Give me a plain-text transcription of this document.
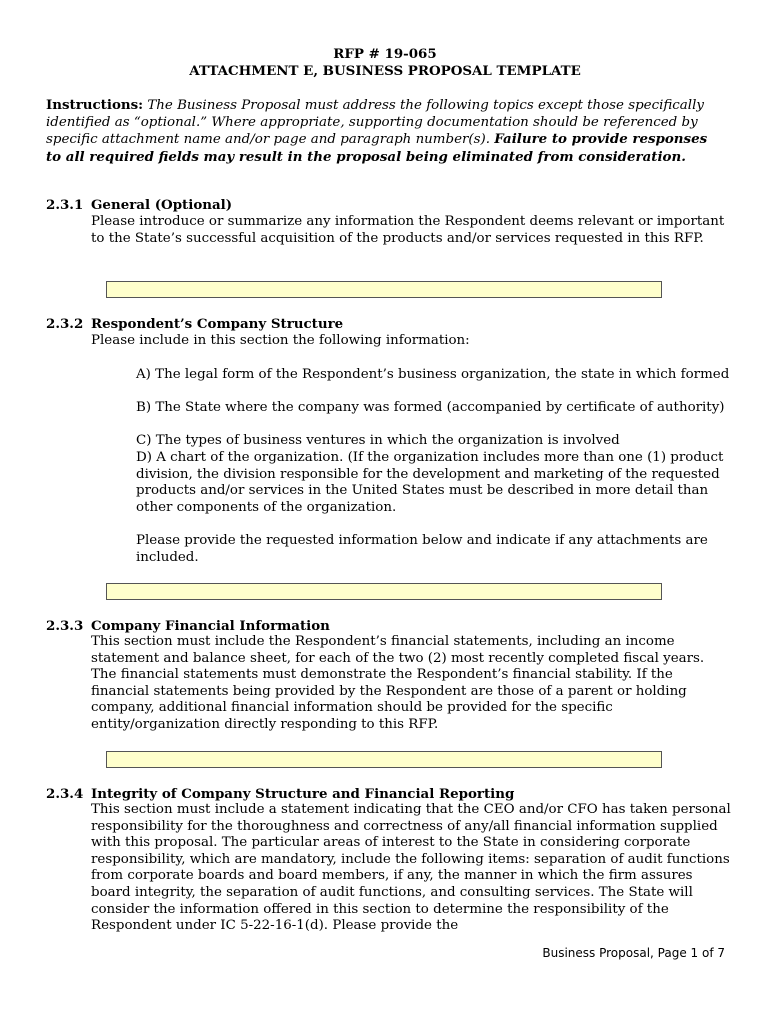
RFP # 19-065
ATTACHMENT E, BUSINESS PROPOSAL TEMPLATE
Instructions: The Business Proposal must address the following topics except those specifically identified as “optional.” Where appropriate, supporting documentation should be referenced by specific attachment name and/or page and paragraph number(s). Failure to provide responses to all required fields may result in the proposal being eliminated from consideration.
2.3.1 General (Optional)
Please introduce or summarize any information the Respondent deems relevant or important to the State’s successful acquisition of the products and/or services requested in this RFP.
2.3.2 Respondent’s Company Structure
Please include in this section the following information:

A) The legal form of the Respondent’s business organization, the state in which formed

B) The State where the company was formed (accompanied by certificate of authority)

C) The types of business ventures in which the organization is involved

D) A chart of the organization. (If the organization includes more than one (1) product division, the division responsible for the development and marketing of the requested products and/or services in the United States must be described in more detail than other components of the organization.

Please provide the requested information below and indicate if any attachments are included.

2.3.3 Company Financial Information
This section must include the Respondent’s financial statements, including an income statement and balance sheet, for each of the two (2) most recently completed fiscal years. The financial statements must demonstrate the Respondent’s financial stability. If the financial statements being provided by the Respondent are those of a parent or holding company, additional financial information should be provided for the specific entity/organization directly responding to this RFP.
2.3.4 Integrity of Company Structure and Financial Reporting
This section must include a statement indicating that the CEO and/or CFO has taken personal responsibility for the thoroughness and correctness of any/all financial information supplied with this proposal. The particular areas of interest to the State in considering corporate responsibility, which are mandatory, include the following items: separation of audit functions from corporate boards and board members, if any, the manner in which the firm assures board integrity, the separation of audit functions, and consulting services. The State will consider the information offered in this section to determine the responsibility of the Respondent under IC 5-22-16-1(d). Please provide the
Business Proposal, Page 1 of 7
